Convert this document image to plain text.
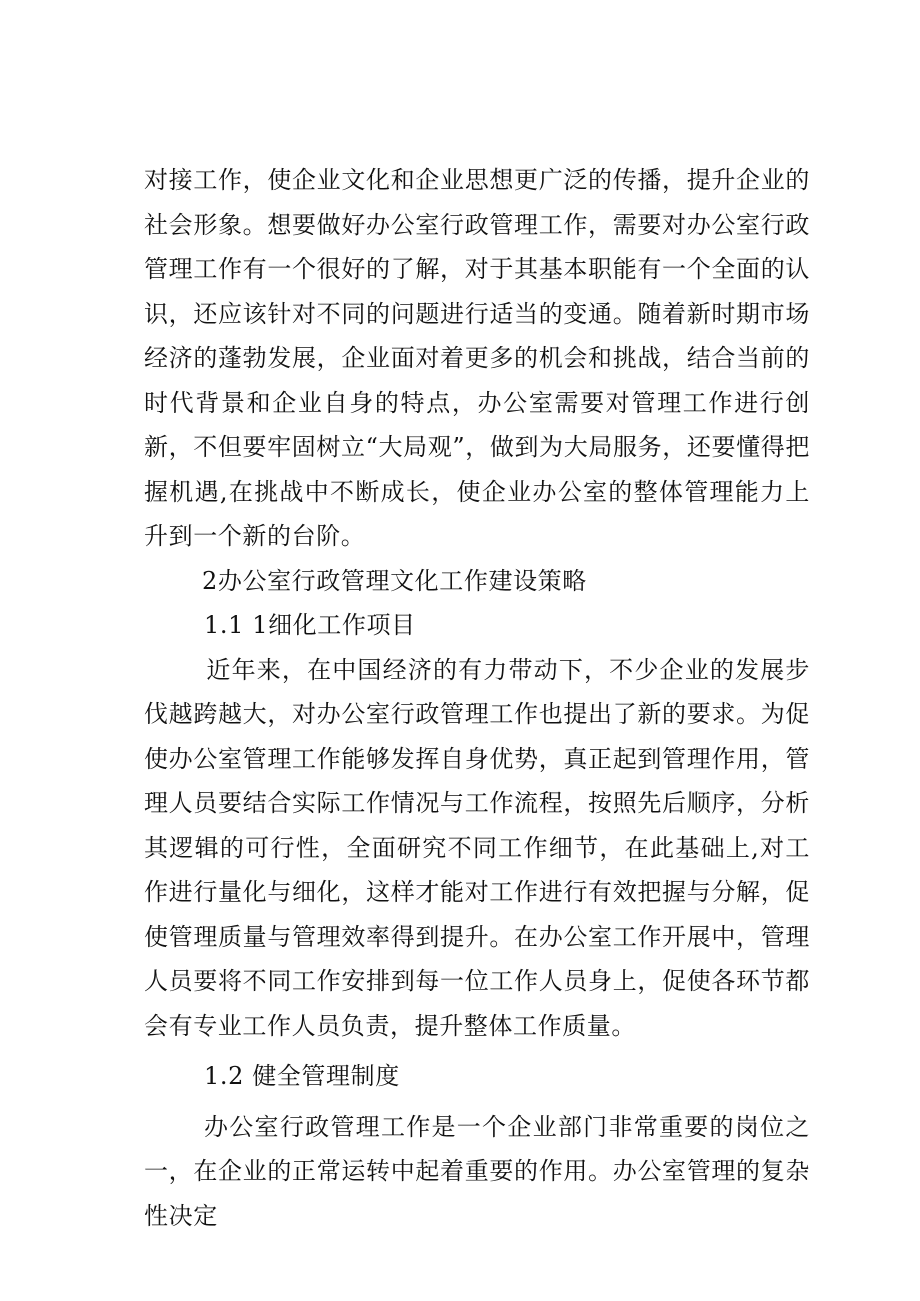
对接工作，使企业文化和企业思想更广泛的传播，提升企业的社会形象。想要做好办公室行政管理工作，需要对办公室行政管理工作有一个很好的了解，对于其基本职能有一个全面的认识，还应该针对不同的问题进行适当的变通。随着新时期市场经济的蓬勃发展，企业面对着更多的机会和挑战，结合当前的时代背景和企业自身的特点，办公室需要对管理工作进行创新，不但要牢固树立“大局观”，做到为大局服务，还要懂得把握机遇,在挑战中不断成长，使企业办公室的整体管理能力上升到一个新的台阶。

2办公室行政管理文化工作建设策略

1.1 1细化工作项目

近年来，在中国经济的有力带动下，不少企业的发展步伐越跨越大，对办公室行政管理工作也提出了新的要求。为促使办公室管理工作能够发挥自身优势，真正起到管理作用，管理人员要结合实际工作情况与工作流程，按照先后顺序，分析其逻辑的可行性，全面研究不同工作细节，在此基础上,对工作进行量化与细化，这样才能对工作进行有效把握与分解，促使管理质量与管理效率得到提升。在办公室工作开展中，管理人员要将不同工作安排到每一位工作人员身上，促使各环节都会有专业工作人员负责，提升整体工作质量。

1.2 健全管理制度

办公室行政管理工作是一个企业部门非常重要的岗位之一，在企业的正常运转中起着重要的作用。办公室管理的复杂性决定
